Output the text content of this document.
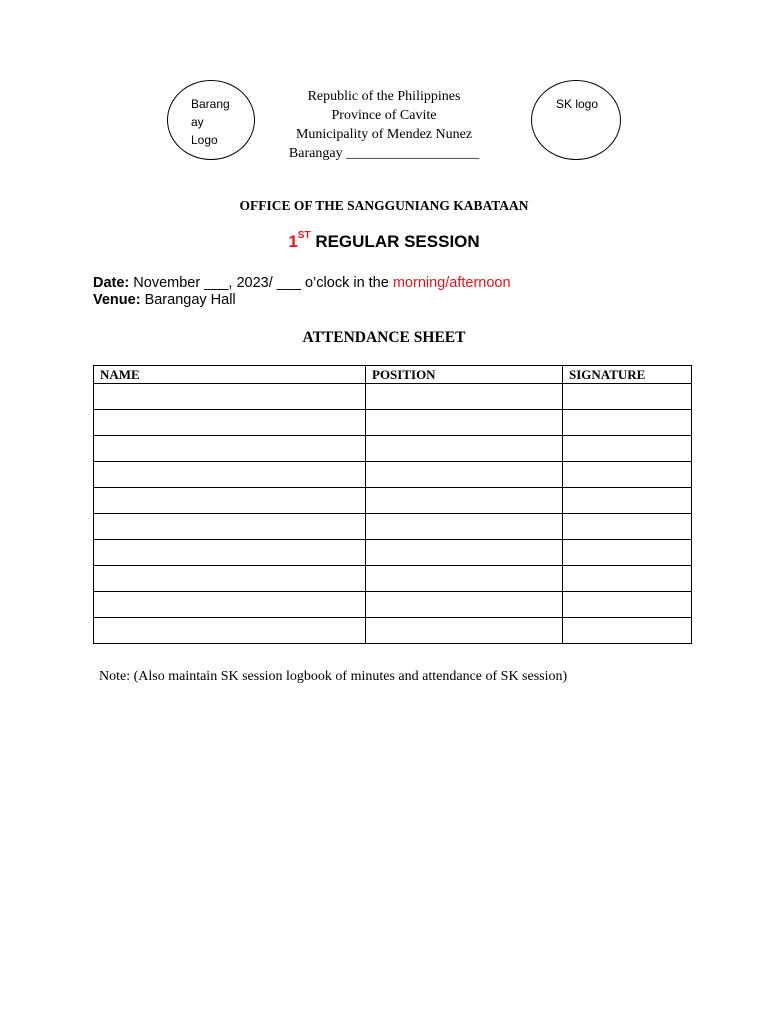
Barang
ay
Logo
SK logo
Republic of the Philippines
Province of Cavite
Municipality of Mendez Nunez
Barangay ___________________
OFFICE OF THE SANGGUNIANG KABATAAN
1ST REGULAR SESSION
Date: November ___, 2023/ ___ o’clock in the morning/afternoon
Venue: Barangay Hall
ATTENDANCE SHEET
NAME	POSITION	SIGNATURE

Note: (Also maintain SK session logbook of minutes and attendance of SK session)
